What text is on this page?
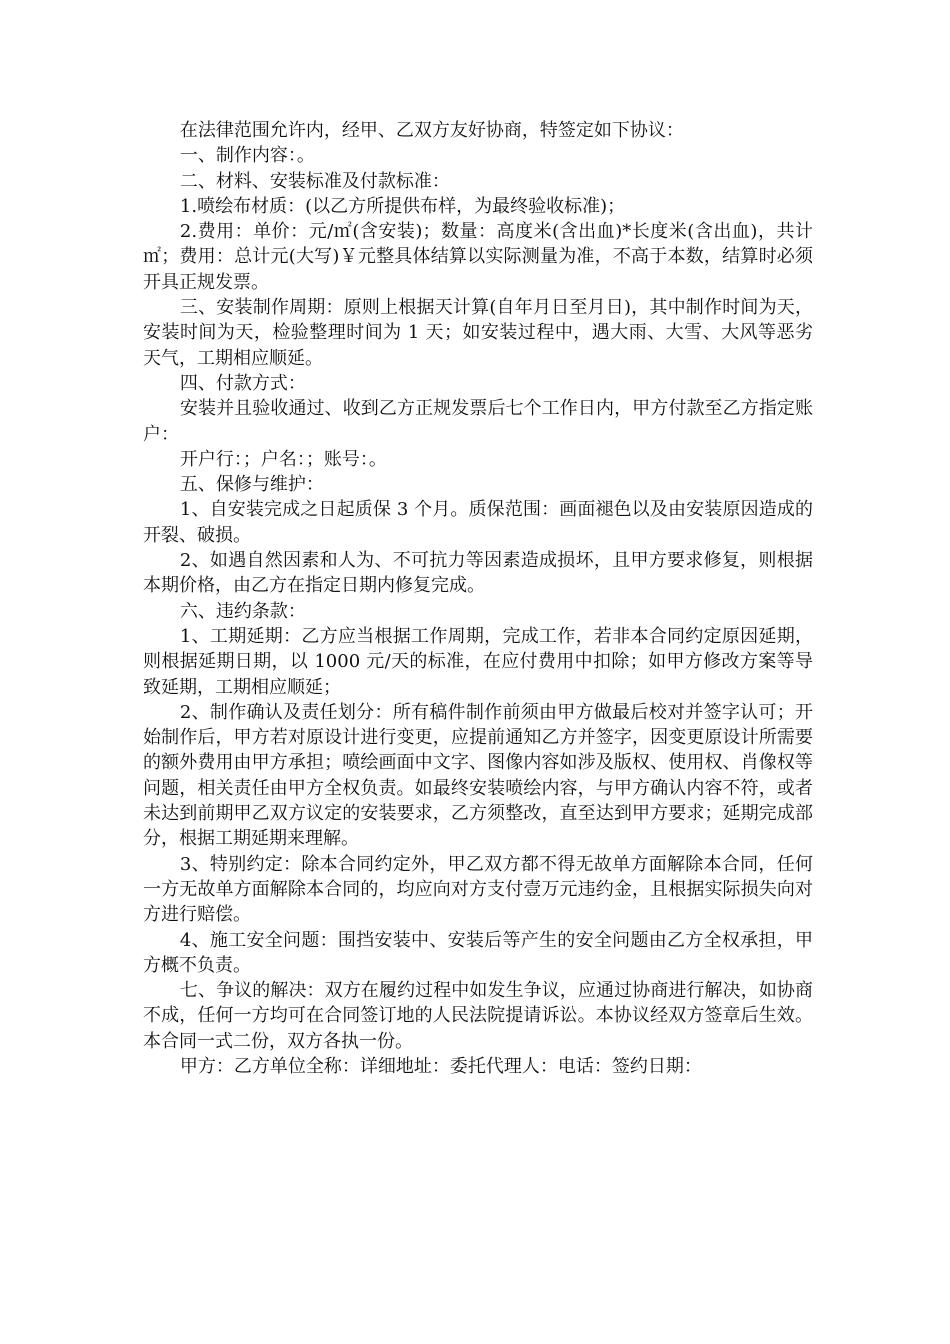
在法律范围允许内，经甲、乙双方友好协商，特签定如下协议：

一、制作内容：。

二、材料、安装标准及付款标准：

1.喷绘布材质：(以乙方所提供布样，为最终验收标准)；

2.费用：单价：元/㎡(含安装)；数量：高度米(含出血)*长度米(含出血)，共计㎡；费用：总计元(大写)￥元整具体结算以实际测量为准，不高于本数，结算时必须开具正规发票。

三、安装制作周期：原则上根据天计算(自年月日至月日)，其中制作时间为天，安装时间为天，检验整理时间为 1 天；如安装过程中，遇大雨、大雪、大风等恶劣天气，工期相应顺延。

四、付款方式：

安装并且验收通过、收到乙方正规发票后七个工作日内，甲方付款至乙方指定账户：

开户行：；户名：；账号：。

五、保修与维护：

1、自安装完成之日起质保 3 个月。质保范围：画面褪色以及由安装原因造成的开裂、破损。

2、如遇自然因素和人为、不可抗力等因素造成损坏，且甲方要求修复，则根据本期价格，由乙方在指定日期内修复完成。

六、违约条款：

1、工期延期：乙方应当根据工作周期，完成工作，若非本合同约定原因延期，则根据延期日期，以 1000 元/天的标准，在应付费用中扣除；如甲方修改方案等导致延期，工期相应顺延；

2、制作确认及责任划分：所有稿件制作前须由甲方做最后校对并签字认可；开始制作后，甲方若对原设计进行变更，应提前通知乙方并签字，因变更原设计所需要的额外费用由甲方承担；喷绘画面中文字、图像内容如涉及版权、使用权、肖像权等问题，相关责任由甲方全权负责。如最终安装喷绘内容，与甲方确认内容不符，或者未达到前期甲乙双方议定的安装要求，乙方须整改，直至达到甲方要求；延期完成部分，根据工期延期来理解。

3、特别约定：除本合同约定外，甲乙双方都不得无故单方面解除本合同，任何一方无故单方面解除本合同的，均应向对方支付壹万元违约金，且根据实际损失向对方进行赔偿。

4、施工安全问题：围挡安装中、安装后等产生的安全问题由乙方全权承担，甲方概不负责。

七、争议的解决：双方在履约过程中如发生争议，应通过协商进行解决，如协商不成，任何一方均可在合同签订地的人民法院提请诉讼。本协议经双方签章后生效。本合同一式二份，双方各执一份。

甲方：乙方单位全称：详细地址：委托代理人：电话：签约日期：
